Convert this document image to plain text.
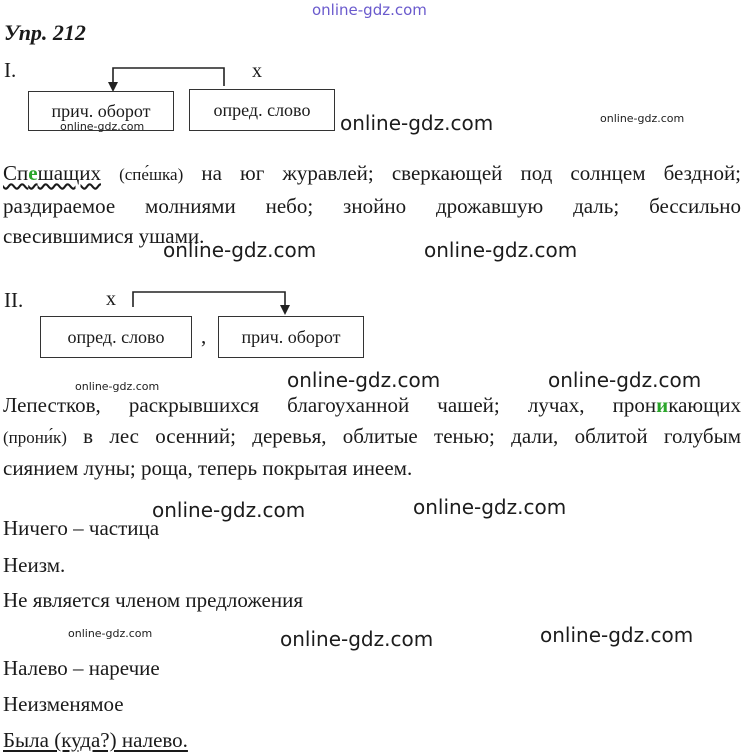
online-gdz.com
Упр. 212
I.	х
прич. оборот	опред. слово
Спешащих (спе́шка) на юг журавлей; сверкающей под солнцем бездной;
раздираемое молниями небо; знойно дрожавшую даль; бессильно
свесившимися ушами.
II.	х
опред. слово	,	прич. оборот
Лепестков, раскрывшихся благоуханной чашей; лучах, проникающих
(прони́к) в лес осенний; деревья, облитые тенью; дали, облитой голубым
сиянием луны; роща, теперь покрытая инеем.
Ничего – частица
Неизм.
Не является членом предложения
Налево – наречие
Неизменямое
Была (куда?) налево.
online-gdz.com	online-gdz.com	online-gdz.com
online-gdz.com	online-gdz.com
online-gdz.com	online-gdz.com	online-gdz.com
online-gdz.com	online-gdz.com
online-gdz.com	online-gdz.com	online-gdz.com
